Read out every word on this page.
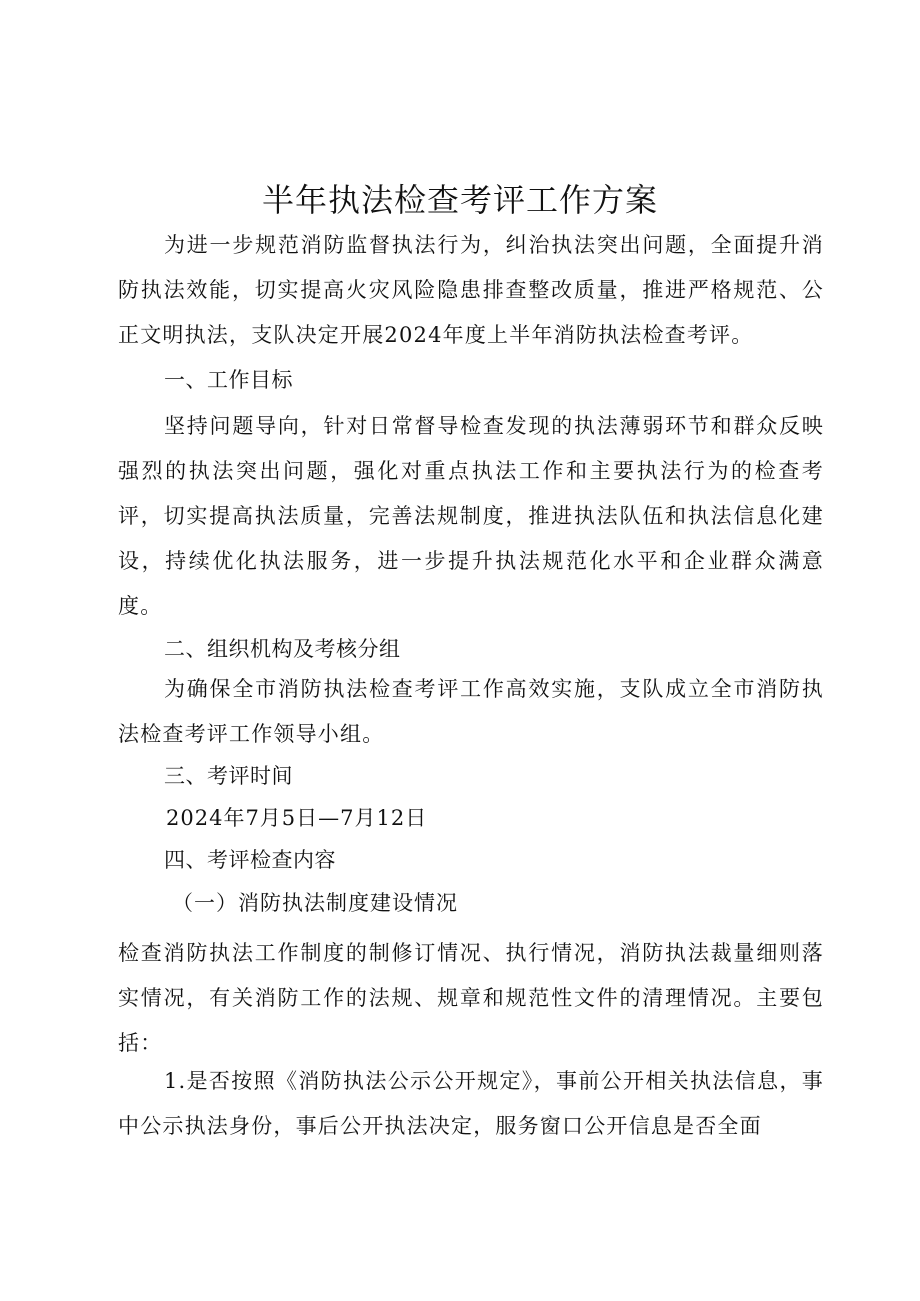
半年执法检查考评工作方案

为进一步规范消防监督执法行为，纠治执法突出问题，全面提升消防执法效能，切实提高火灾风险隐患排查整改质量，推进严格规范、公正文明执法，支队决定开展2024年度上半年消防执法检查考评。

一、工作目标

坚持问题导向，针对日常督导检查发现的执法薄弱环节和群众反映强烈的执法突出问题，强化对重点执法工作和主要执法行为的检查考评，切实提高执法质量，完善法规制度，推进执法队伍和执法信息化建设，持续优化执法服务，进一步提升执法规范化水平和企业群众满意度。

二、组织机构及考核分组

为确保全市消防执法检查考评工作高效实施，支队成立全市消防执法检查考评工作领导小组。

三、考评时间

2024年7月5日—7月12日

四、考评检查内容

（一）消防执法制度建设情况

检查消防执法工作制度的制修订情况、执行情况，消防执法裁量细则落实情况，有关消防工作的法规、规章和规范性文件的清理情况。主要包括：

1.是否按照《消防执法公示公开规定》，事前公开相关执法信息，事中公示执法身份，事后公开执法决定，服务窗口公开信息是否全面
